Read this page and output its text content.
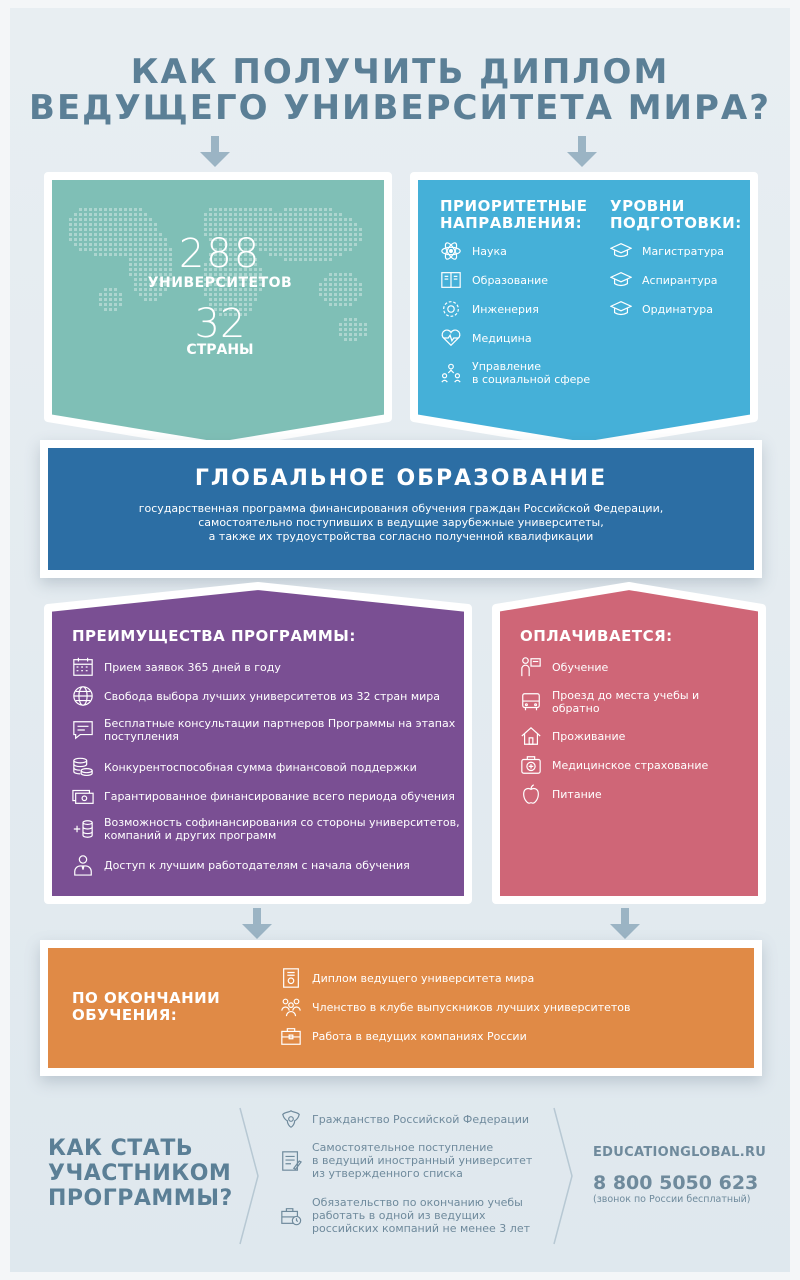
КАК ПОЛУЧИТЬ ДИПЛОМ
ВЕДУЩЕГО УНИВЕРСИТЕТА МИРА?
288
УНИВЕРСИТЕТОВ
32
СТРАНЫ
ПРИОРИТЕТНЫЕ
НАПРАВЛЕНИЯ:
УРОВНИ
ПОДГОТОВКИ:
Наука
Образование
Инженерия
Медицина
Управление
в социальной сфере
Магистратура
Аспирантура
Ординатура
ГЛОБАЛЬНОЕ ОБРАЗОВАНИЕ
государственная программа финансирования обучения граждан Российской Федерации,
самостоятельно поступивших в ведущие зарубежные университеты,
а также их трудоустройства согласно полученной квалификации
ПРЕИМУЩЕСТВА ПРОГРАММЫ:
Прием заявок 365 дней в году
Свобода выбора лучших университетов из 32 стран мира
Бесплатные консультации партнеров Программы на этапах
поступления
Конкурентоспособная сумма финансовой поддержки
Гарантированное финансирование всего периода обучения
Возможность софинансирования со стороны университетов,
компаний и других программ
Доступ к лучшим работодателям с начала обучения
ОПЛАЧИВАЕТСЯ:
Обучение
Проезд до места учебы и
обратно
Проживание
Медицинское страхование
Питание
ПО ОКОНЧАНИИ
ОБУЧЕНИЯ:
Диплом ведущего университета мира
Членство в клубе выпускников лучших университетов
Работа в ведущих компаниях России
КАК СТАТЬ
УЧАСТНИКОМ
ПРОГРАММЫ?
Гражданство Российской Федерации
Самостоятельное поступление
в ведущий иностранный университет
из утвержденного списка
Обязательство по окончанию учебы
работать в одной из ведущих
российских компаний не менее 3 лет
EDUCATIONGLOBAL.RU
8 800 5050 623
(звонок по России бесплатный)
